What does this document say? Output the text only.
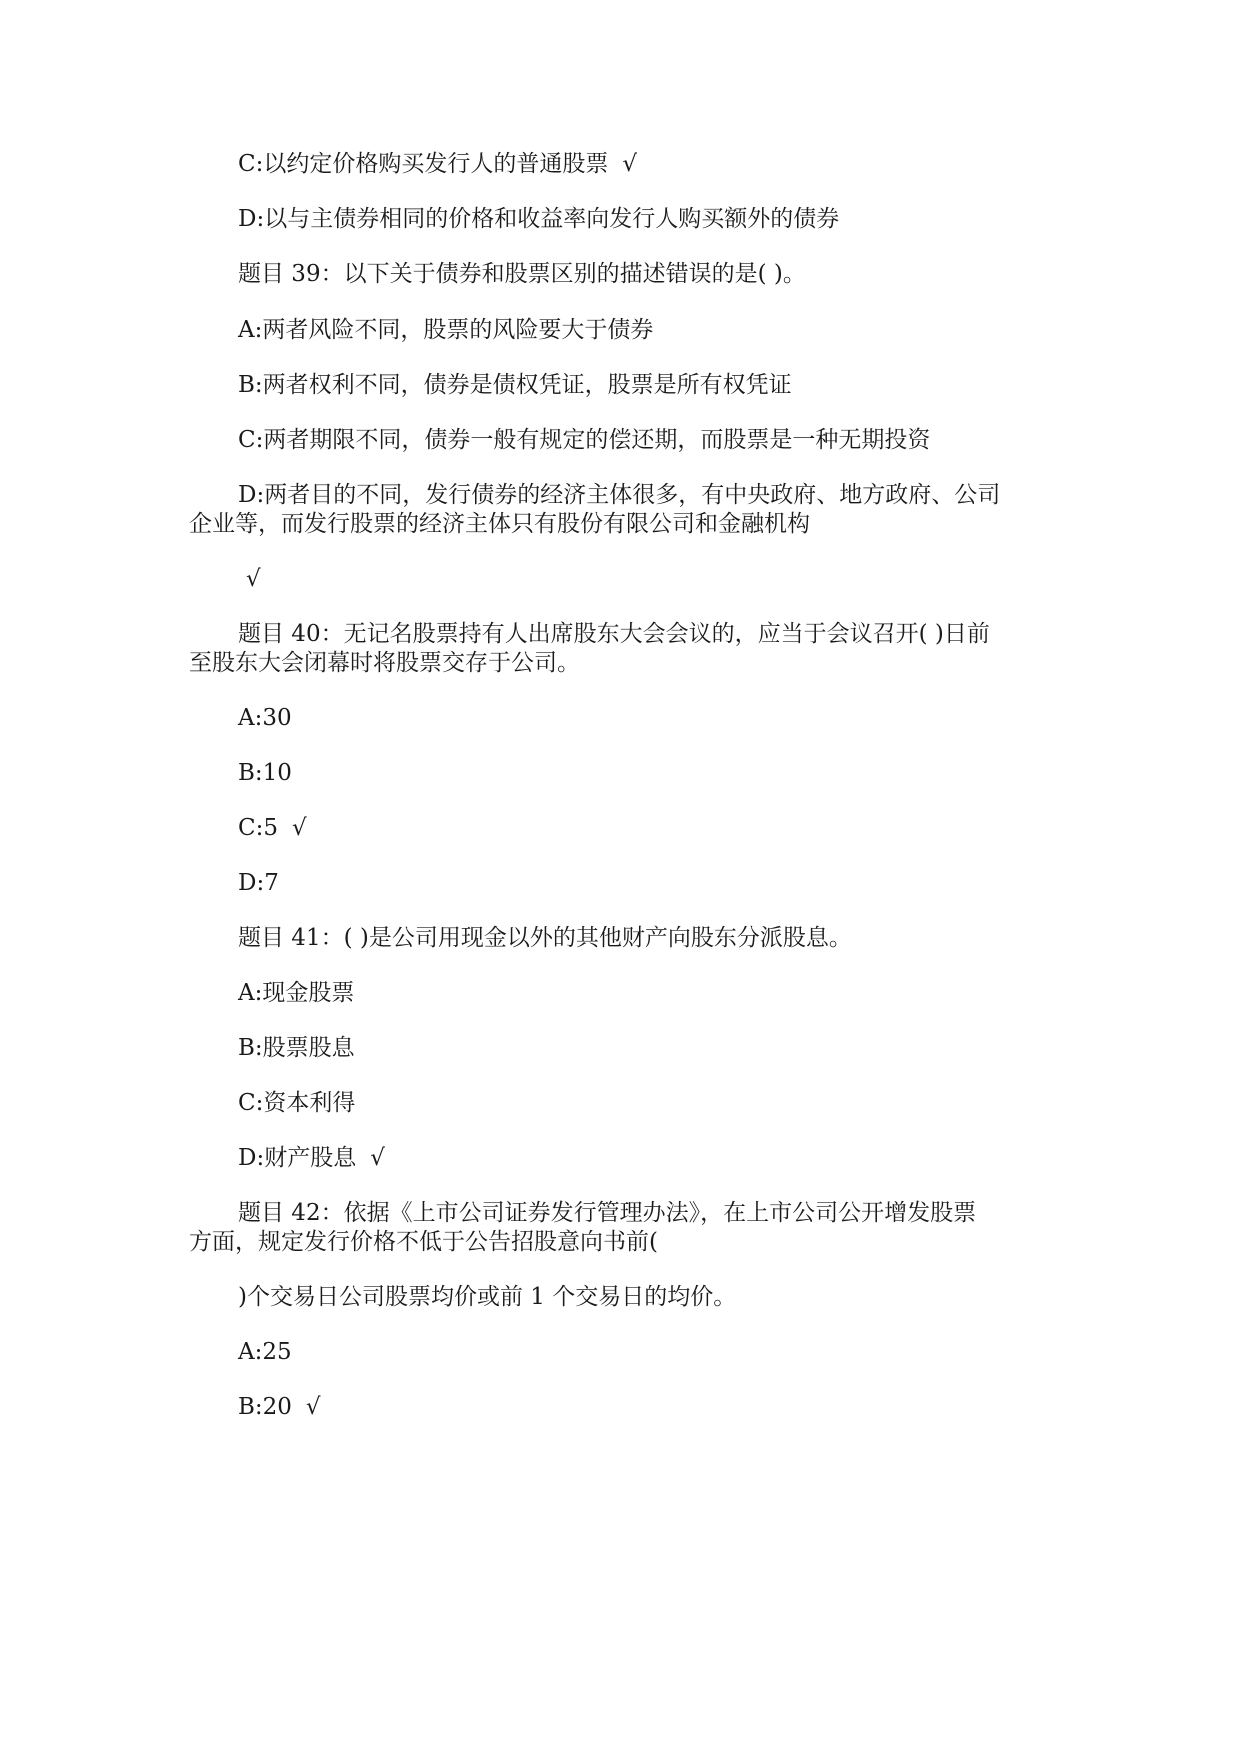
C:以约定价格购买发行人的普通股票 √
D:以与主债券相同的价格和收益率向发行人购买额外的债券
题目 39：以下关于债券和股票区别的描述错误的是( )。
A:两者风险不同，股票的风险要大于债券
B:两者权利不同，债券是债权凭证，股票是所有权凭证
C:两者期限不同，债券一般有规定的偿还期，而股票是一种无期投资
D:两者目的不同，发行债券的经济主体很多，有中央政府、地方政府、公司
企业等，而发行股票的经济主体只有股份有限公司和金融机构
√
题目 40：无记名股票持有人出席股东大会会议的，应当于会议召开( )日前
至股东大会闭幕时将股票交存于公司。
A:30
B:10
C:5 √
D:7
题目 41：( )是公司用现金以外的其他财产向股东分派股息。
A:现金股票
B:股票股息
C:资本利得
D:财产股息 √
题目 42：依据《上市公司证券发行管理办法》，在上市公司公开增发股票
方面，规定发行价格不低于公告招股意向书前(
)个交易日公司股票均价或前 1 个交易日的均价。
A:25
B:20 √
